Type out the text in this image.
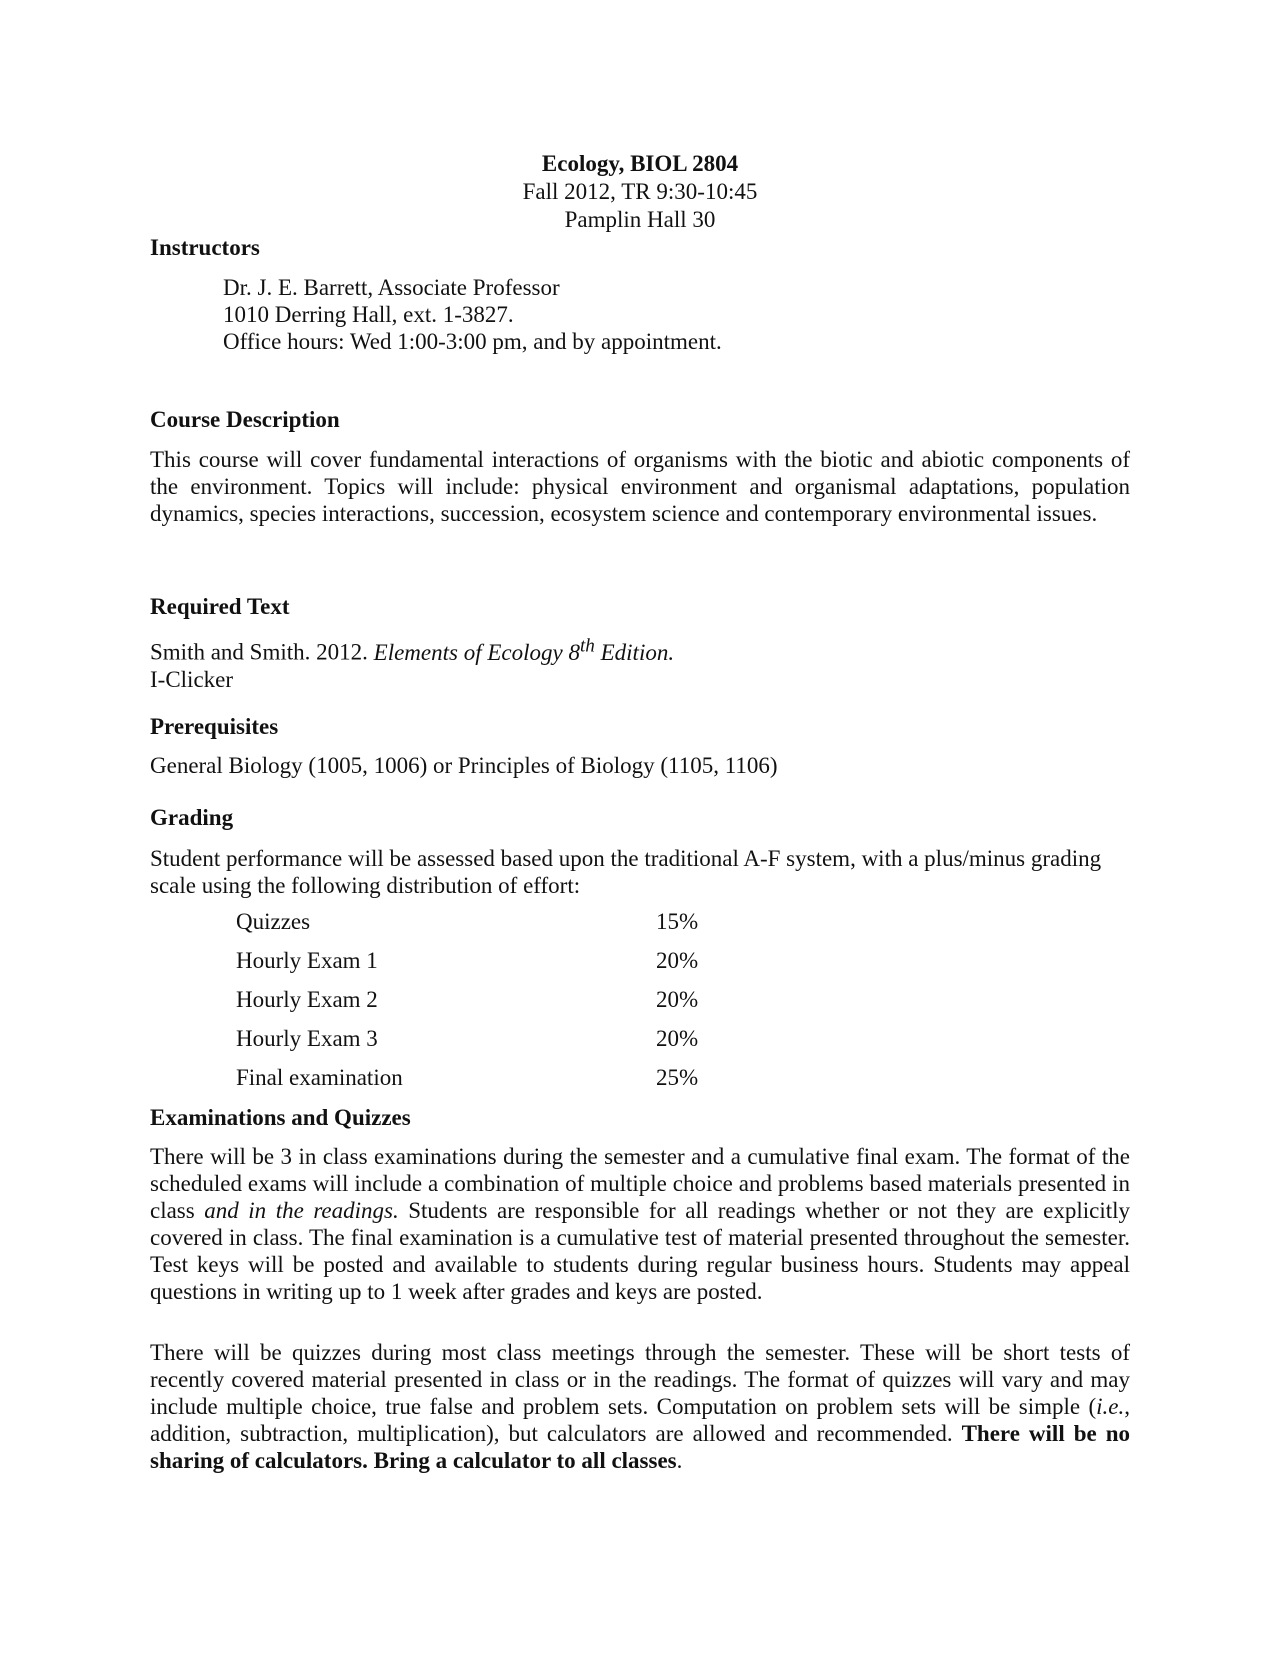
Ecology, BIOL 2804
Fall 2012, TR 9:30-10:45
Pamplin Hall 30
Instructors
Dr. J. E. Barrett, Associate Professor
1010 Derring Hall, ext. 1-3827.
Office hours: Wed 1:00-3:00 pm, and by appointment.
Course Description

This course will cover fundamental interactions of organisms with the biotic and abiotic components of the environment. Topics will include: physical environment and organismal adaptations, population dynamics, species interactions, succession, ecosystem science and contemporary environmental issues.

Required Text
Smith and Smith. 2012. Elements of Ecology 8th Edition.
I-Clicker
Prerequisites
General Biology (1005, 1006) or Principles of Biology (1105, 1106)
Grading

Student performance will be assessed based upon the traditional A-F system, with a plus/minus grading scale using the following distribution of effort:

Quizzes	15%
Hourly Exam 1	20%
Hourly Exam 2	20%
Hourly Exam 3	20%
Final examination	25%
Examinations and Quizzes

There will be 3 in class examinations during the semester and a cumulative final exam. The format of the scheduled exams will include a combination of multiple choice and problems based materials presented in class and in the readings. Students are responsible for all readings whether or not they are explicitly covered in class. The final examination is a cumulative test of material presented throughout the semester. Test keys will be posted and available to students during regular business hours. Students may appeal questions in writing up to 1 week after grades and keys are posted.

There will be quizzes during most class meetings through the semester. These will be short tests of recently covered material presented in class or in the readings. The format of quizzes will vary and may include multiple choice, true false and problem sets. Computation on problem sets will be simple (i.e., addition, subtraction, multiplication), but calculators are allowed and recommended. There will be no sharing of calculators. Bring a calculator to all classes.
